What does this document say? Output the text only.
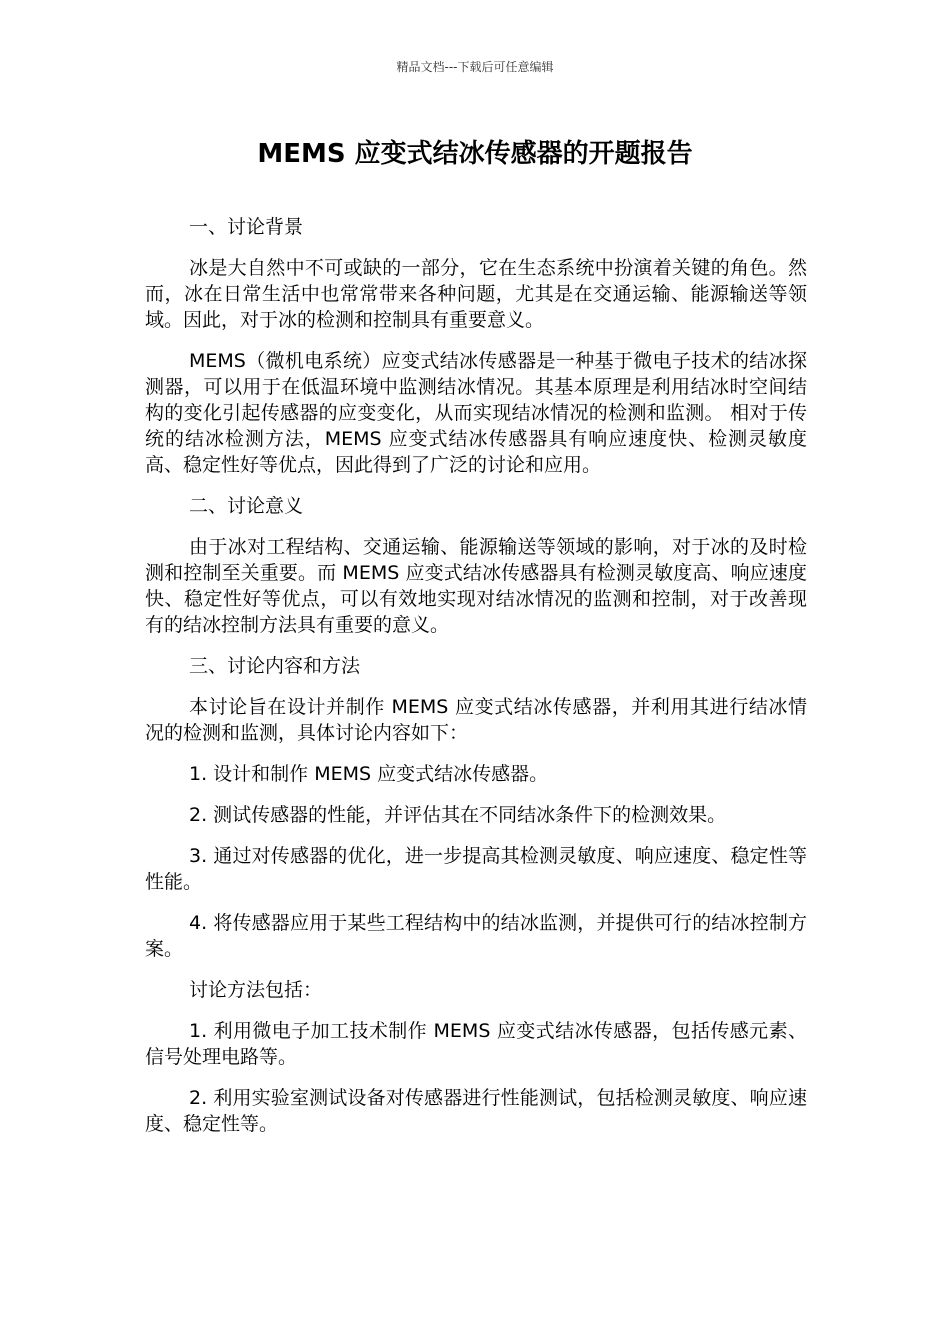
精品文档---下载后可任意编辑
MEMS 应变式结冰传感器的开题报告

一、讨论背景

冰是大自然中不可或缺的一部分，它在生态系统中扮演着关键的角色。然而，冰在日常生活中也常常带来各种问题，尤其是在交通运输、能源输送等领域。因此，对于冰的检测和控制具有重要意义。

MEMS（微机电系统）应变式结冰传感器是一种基于微电子技术的结冰探测器，可以用于在低温环境中监测结冰情况。其基本原理是利用结冰时空间结构的变化引起传感器的应变变化，从而实现结冰情况的检测和监测。 相对于传统的结冰检测方法，MEMS 应变式结冰传感器具有响应速度快、检测灵敏度高、稳定性好等优点，因此得到了广泛的讨论和应用。

二、讨论意义

由于冰对工程结构、交通运输、能源输送等领域的影响，对于冰的及时检测和控制至关重要。而 MEMS 应变式结冰传感器具有检测灵敏度高、响应速度快、稳定性好等优点，可以有效地实现对结冰情况的监测和控制，对于改善现有的结冰控制方法具有重要的意义。

三、讨论内容和方法

本讨论旨在设计并制作 MEMS 应变式结冰传感器，并利用其进行结冰情况的检测和监测，具体讨论内容如下：

1. 设计和制作 MEMS 应变式结冰传感器。

2. 测试传感器的性能，并评估其在不同结冰条件下的检测效果。

3. 通过对传感器的优化，进一步提高其检测灵敏度、响应速度、稳定性等性能。

4. 将传感器应用于某些工程结构中的结冰监测，并提供可行的结冰控制方案。

讨论方法包括：

1. 利用微电子加工技术制作 MEMS 应变式结冰传感器，包括传感元素、信号处理电路等。

2. 利用实验室测试设备对传感器进行性能测试，包括检测灵敏度、响应速度、稳定性等。
